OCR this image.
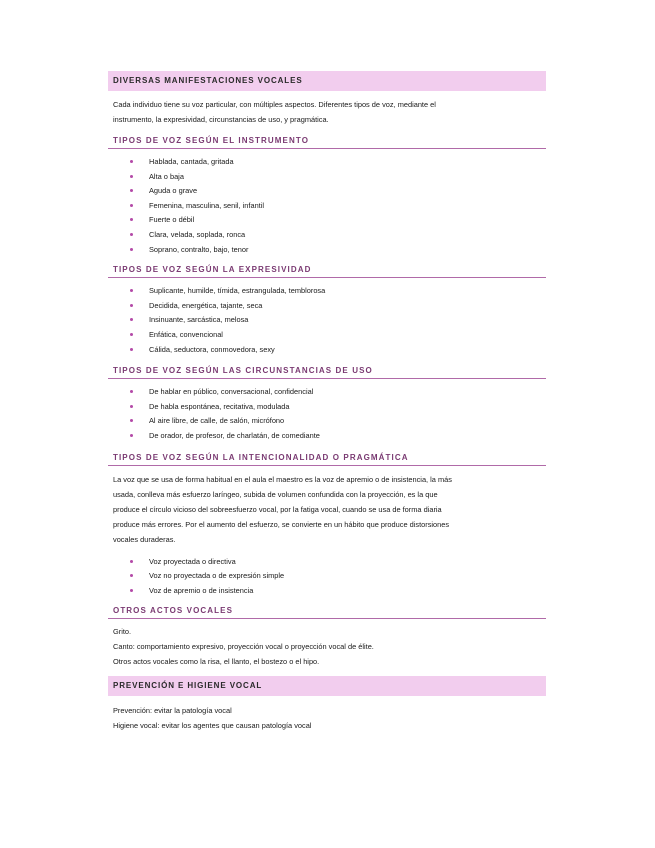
DIVERSAS MANIFESTACIONES VOCALES

Cada individuo tiene su voz particular, con múltiples aspectos. Diferentes tipos de voz, mediante el

instrumento, la expresividad, circunstancias de uso, y pragmática.

TIPOS DE VOZ SEGÚN EL INSTRUMENTO
Hablada, cantada, gritada
Alta o baja
Aguda o grave
Femenina, masculina, senil, infantil
Fuerte o débil
Clara, velada, soplada, ronca
Soprano, contralto, bajo, tenor
TIPOS DE VOZ SEGÚN LA EXPRESIVIDAD
Suplicante, humilde, tímida, estrangulada, temblorosa
Decidida, energética, tajante, seca
Insinuante, sarcástica, melosa
Enfática, convencional
Cálida, seductora, conmovedora, sexy
TIPOS DE VOZ SEGÚN LAS CIRCUNSTANCIAS DE USO
De hablar en público, conversacional, confidencial
De habla espontánea, recitativa, modulada
Al aire libre, de calle, de salón, micrófono
De orador, de profesor, de charlatán, de comediante
TIPOS DE VOZ SEGÚN LA INTENCIONALIDAD O PRAGMÁTICA

La voz que se usa de forma habitual en el aula el maestro es la voz de apremio o de insistencia, la más

usada, conlleva más esfuerzo laríngeo, subida de volumen confundida con la proyección, es la que

produce el círculo vicioso del sobreesfuerzo vocal, por la fatiga vocal, cuando se usa de forma diaria

produce más errores. Por el aumento del esfuerzo, se convierte en un hábito que produce distorsiones

vocales duraderas.

Voz proyectada o directiva
Voz no proyectada o de expresión simple
Voz de apremio o de insistencia
OTROS ACTOS VOCALES

Grito.

Canto: comportamiento expresivo, proyección vocal o proyección vocal de élite.

Otros actos vocales como la risa, el llanto, el bostezo o el hipo.

PREVENCIÓN E HIGIENE VOCAL

Prevención: evitar la patología vocal

Higiene vocal: evitar los agentes que causan patología vocal
